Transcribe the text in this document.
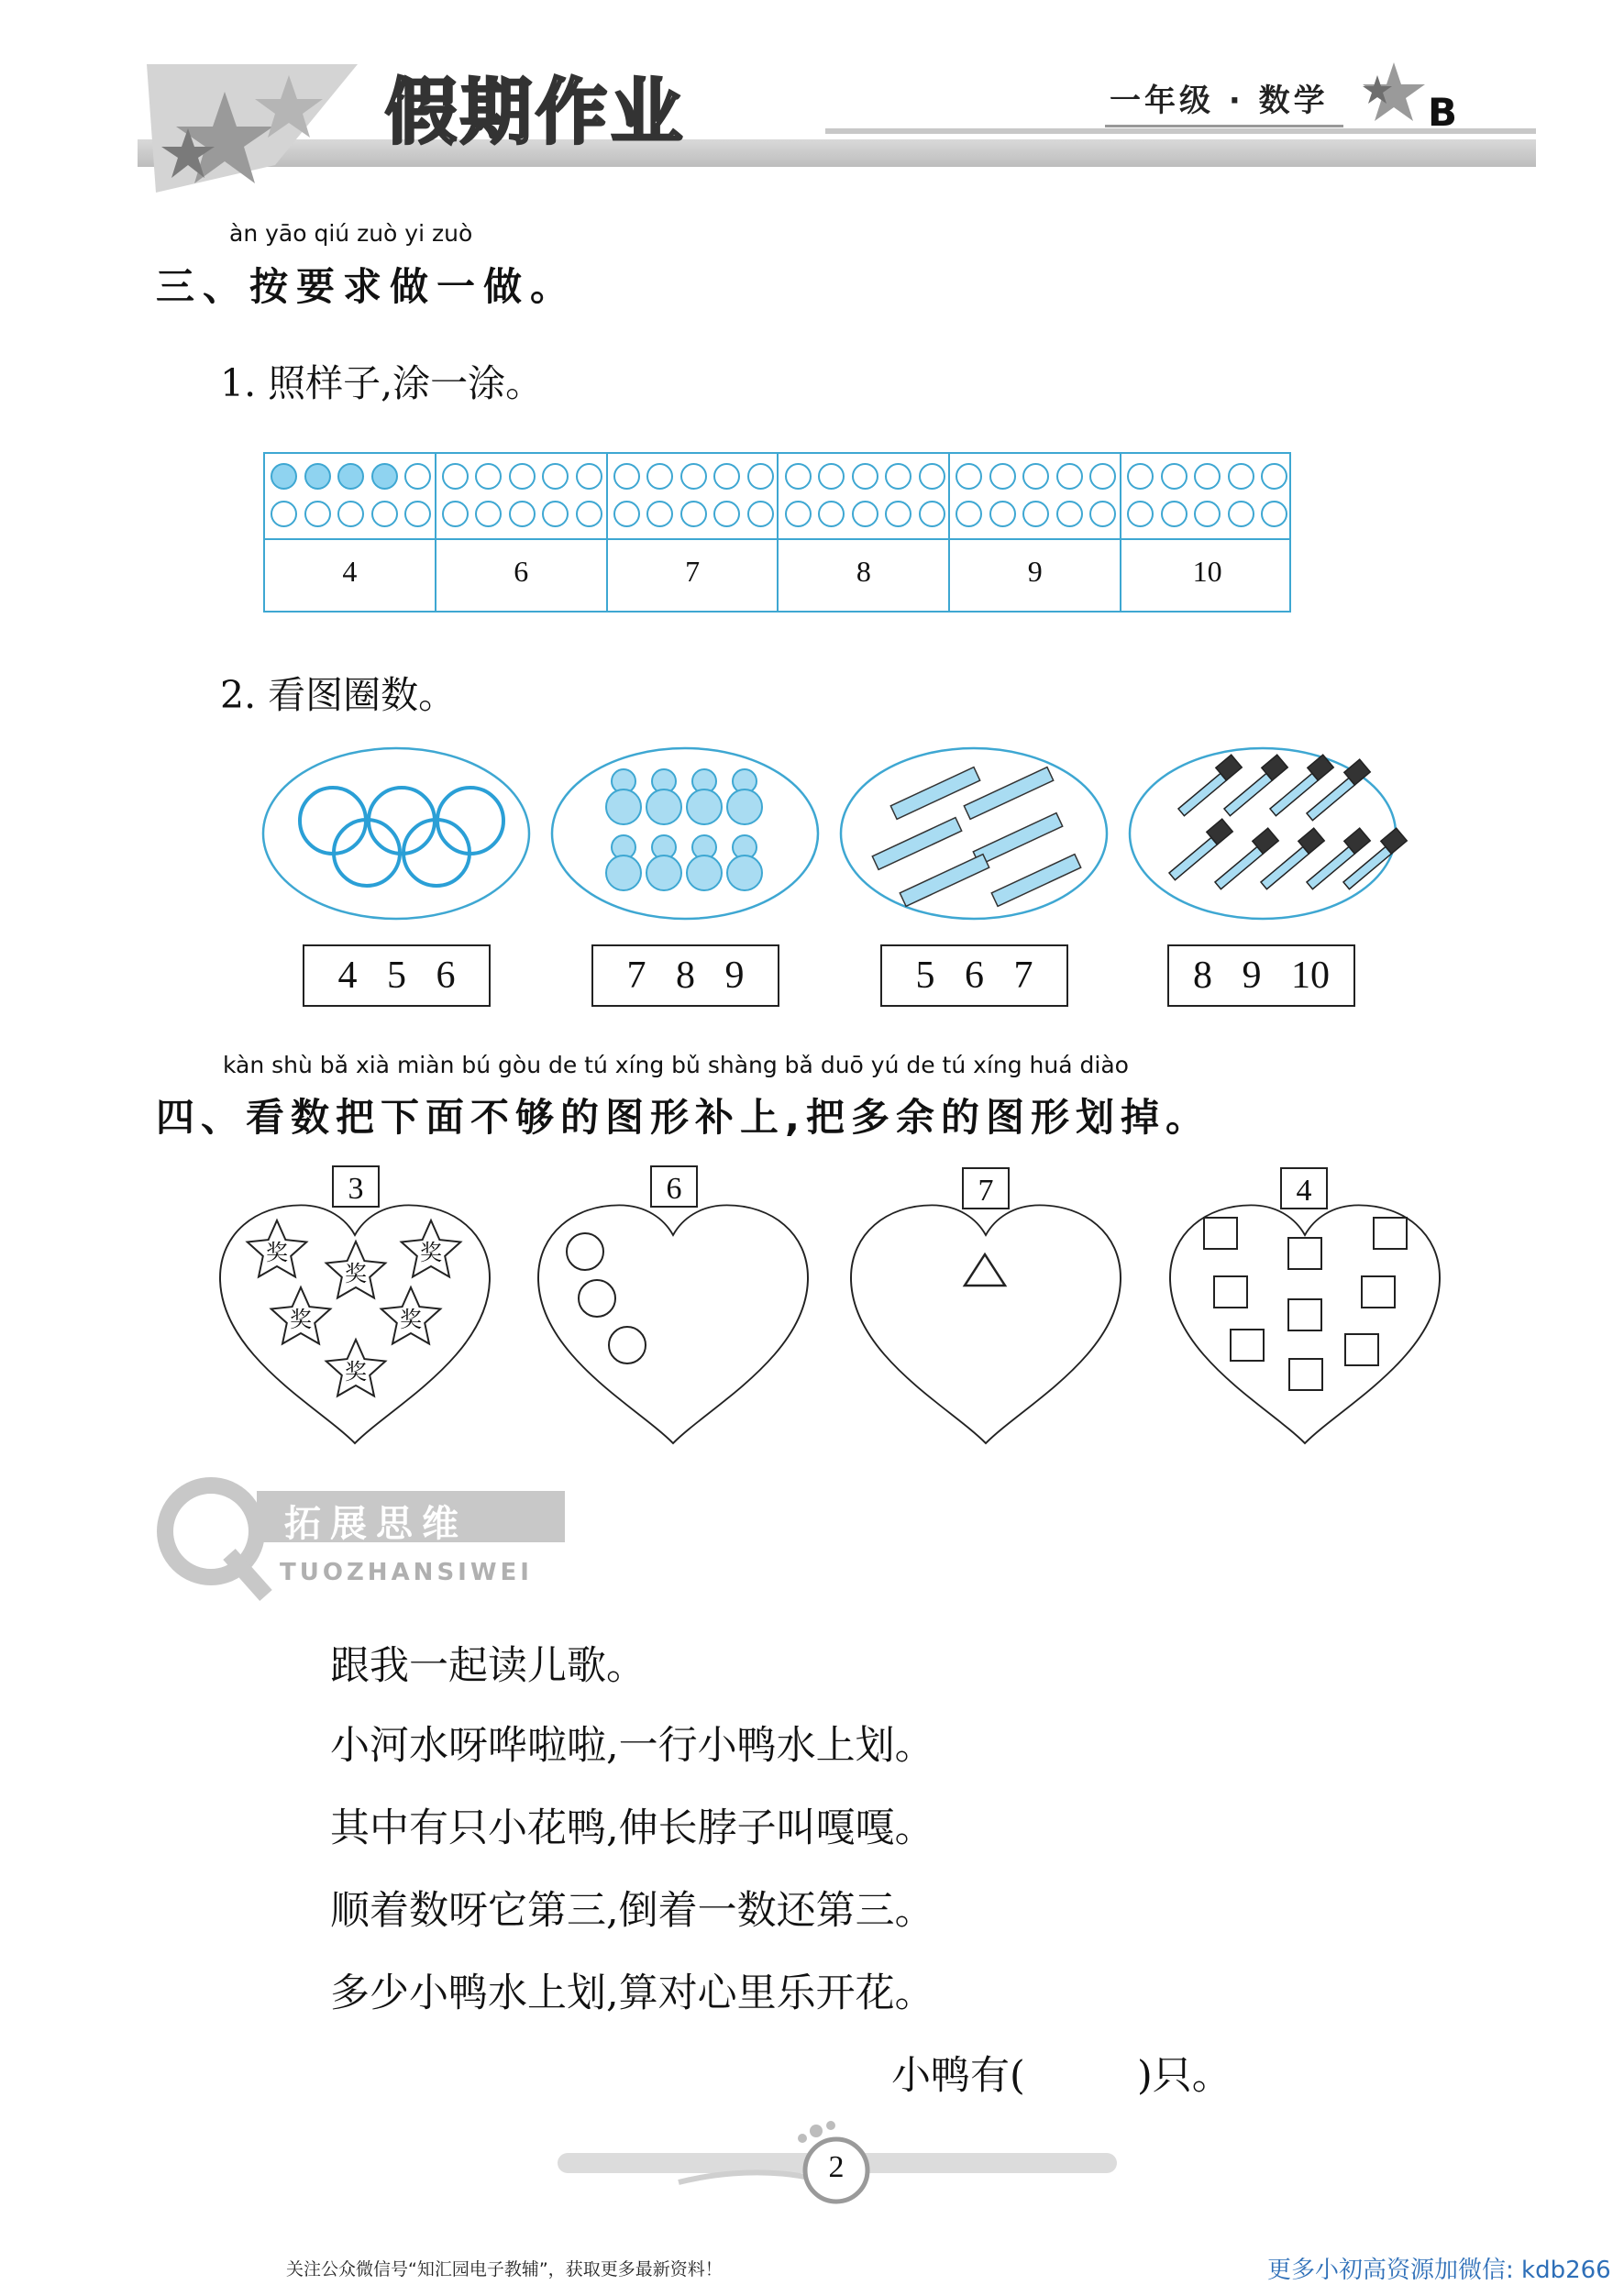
假期作业	一年级 · 数学	B
àn yāo qiú zuò yi zuò
三、按要求做一做。
1. 照样子,涂一涂。
4	6	7	8	9	10
2. 看图圈数。
4 5 6	7 8 9	5 6 7	8 9 10
kàn shù bǎ xià miàn bú gòu de tú xíng bǔ shàng bǎ duō yú de tú xíng huá diào
四、看数把下面不够的图形补上,把多余的图形划掉。
3	6	7	4
奖
奖
奖
奖	奖
奖
拓展思维
TUOZHANSIWEI
跟我一起读儿歌。
小河水呀哗啦啦,一行小鸭水上划。
其中有只小花鸭,伸长脖子叫嘎嘎。
顺着数呀它第三,倒着一数还第三。
多少小鸭水上划,算对心里乐开花。
小鸭有(	)只。
2
关注公众微信号“知汇园电子教辅”，获取更多最新资料！	更多小初高资源加微信: kdb266
